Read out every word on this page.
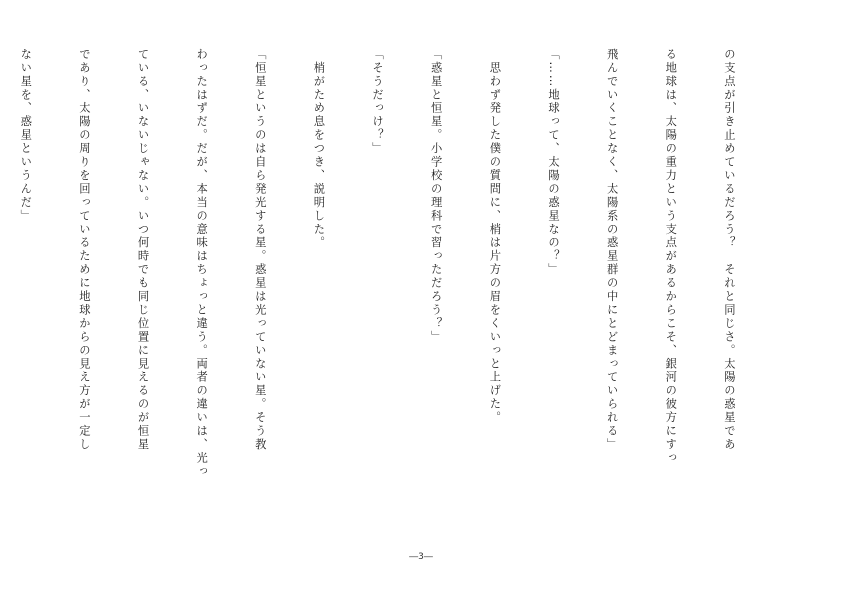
の支点が引き止めているだろう？　それと同じさ。太陽の惑星であ

る地球は、太陽の重力という支点があるからこそ、銀河の彼方にすっ

飛んでいくことなく、太陽系の惑星群の中にとどまっていられる」

「……地球って、太陽の惑星なの？」

　思わず発した僕の質問に、梢は片方の眉をくいっと上げた。

「惑星と恒星。小学校の理科で習っただろう？」

「そうだっけ？」

　梢がため息をつき、説明した。

「恒星というのは自ら発光する星。惑星は光っていない星。そう教

わったはずだ。だが、本当の意味はちょっと違う。両者の違いは、光っ

ている、いないじゃない。いつ何時でも同じ位置に見えるのが恒星

であり、太陽の周りを回っているために地球からの見え方が一定し

ない星を、惑星というんだ」

―3―
